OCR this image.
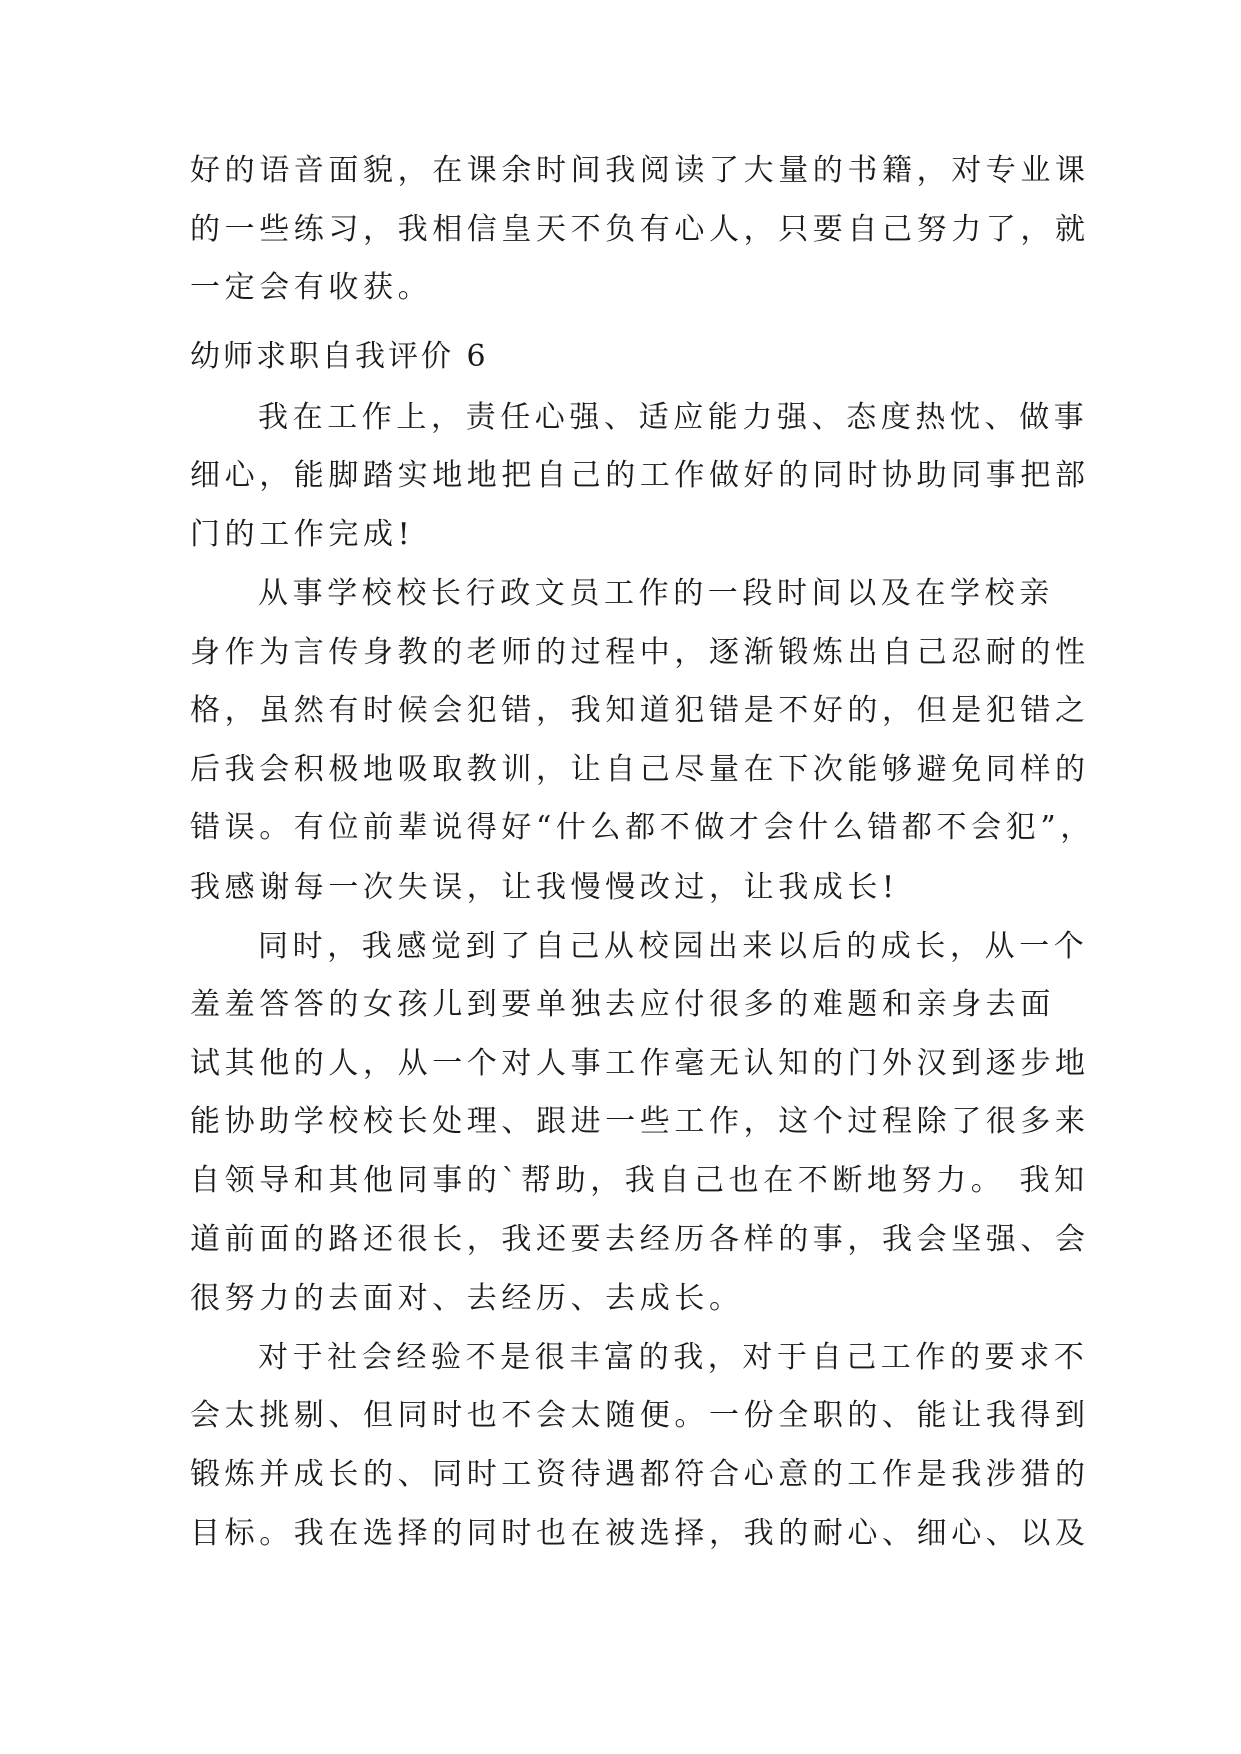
好的语音面貌，在课余时间我阅读了大量的书籍，对专业课
的一些练习，我相信皇天不负有心人，只要自己努力了，就
一定会有收获。
幼师求职自我评价 6
我在工作上，责任心强、适应能力强、态度热忱、做事
细心，能脚踏实地地把自己的工作做好的同时协助同事把部
门的工作完成!
从事学校校长行政文员工作的一段时间以及在学校亲
身作为言传身教的老师的过程中，逐渐锻炼出自己忍耐的性
格，虽然有时候会犯错，我知道犯错是不好的，但是犯错之
后我会积极地吸取教训，让自己尽量在下次能够避免同样的
错误。有位前辈说得好“什么都不做才会什么错都不会犯”，
我感谢每一次失误，让我慢慢改过，让我成长!
同时，我感觉到了自己从校园出来以后的成长，从一个
羞羞答答的女孩儿到要单独去应付很多的难题和亲身去面
试其他的人，从一个对人事工作毫无认知的门外汉到逐步地
能协助学校校长处理、跟进一些工作，这个过程除了很多来
自领导和其他同事的`帮助，我自己也在不断地努力。 我知
道前面的路还很长，我还要去经历各样的事，我会坚强、会
很努力的去面对、去经历、去成长。
对于社会经验不是很丰富的我，对于自己工作的要求不
会太挑剔、但同时也不会太随便。一份全职的、能让我得到
锻炼并成长的、同时工资待遇都符合心意的工作是我涉猎的
目标。我在选择的同时也在被选择，我的耐心、细心、以及
